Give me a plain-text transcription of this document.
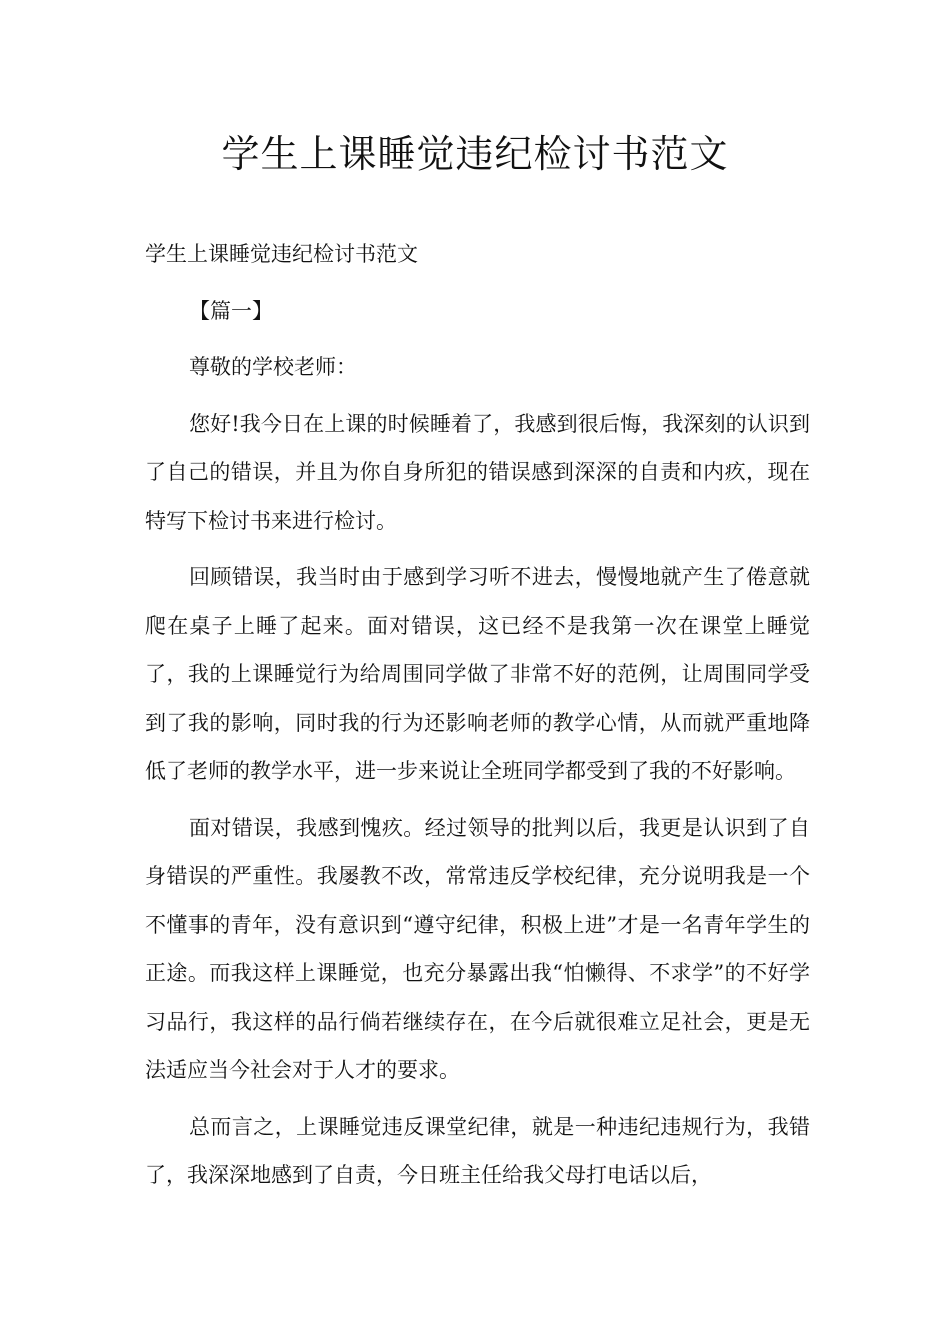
学生上课睡觉违纪检讨书范文

学生上课睡觉违纪检讨书范文

【篇一】

尊敬的学校老师：

您好!我今日在上课的时候睡着了，我感到很后悔，我深刻的认识到了自己的错误，并且为你自身所犯的错误感到深深的自责和内疚，现在特写下检讨书来进行检讨。

回顾错误，我当时由于感到学习听不进去，慢慢地就产生了倦意就爬在桌子上睡了起来。面对错误，这已经不是我第一次在课堂上睡觉了，我的上课睡觉行为给周围同学做了非常不好的范例，让周围同学受到了我的影响，同时我的行为还影响老师的教学心情，从而就严重地降低了老师的教学水平，进一步来说让全班同学都受到了我的不好影响。

面对错误，我感到愧疚。经过领导的批判以后，我更是认识到了自身错误的严重性。我屡教不改，常常违反学校纪律，充分说明我是一个不懂事的青年，没有意识到“遵守纪律，积极上进”才是一名青年学生的正途。而我这样上课睡觉，也充分暴露出我“怕懒得、不求学”的不好学习品行，我这样的品行倘若继续存在，在今后就很难立足社会，更是无法适应当今社会对于人才的要求。

总而言之，上课睡觉违反课堂纪律，就是一种违纪违规行为，我错了，我深深地感到了自责，今日班主任给我父母打电话以后，
